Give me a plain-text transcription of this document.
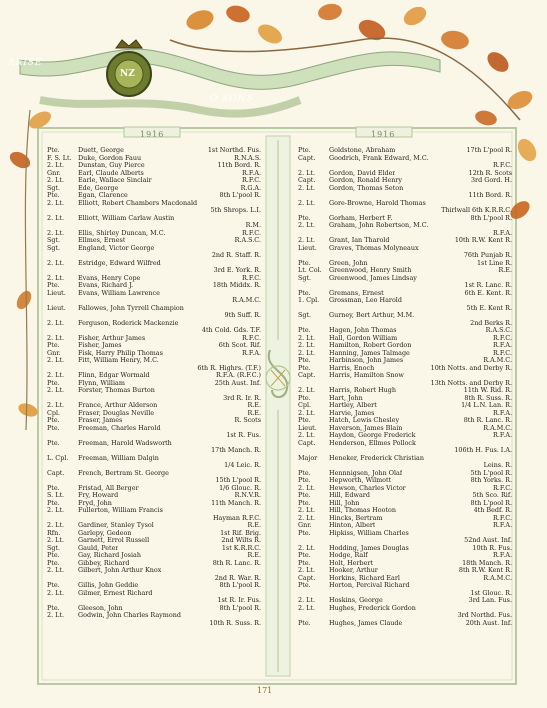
ARISE
O SONS
NZ
1916	1916
Pte.	Duett, George	1st Northd. Fus.
F. S. Lt.	Duke, Gordon Fauu	R.N.A.S.
2. Lt.	Dunstan, Guy Pierce	11th Bord. R.
Gnr.	Earl, Claude Alberts	R.F.A.
2. Lt.	Earle, Wallace Sinclair	R.F.C.
Sgt.	Ede, George	R.G.A.
Pte.	Egan, Clarence	8th L'pool R.
2. Lt.	Elliott, Robert Chambers Macdonald
5th Shrops. L.I.
2. Lt.	Elliott, William Carlaw Austin
R.M.
2. Lt.	Ellis, Shirley Duncan, M.C.	R.F.C.
Sgt.	Ellmes, Ernest	R.A.S.C.
Sgt.	England, Victor George
2nd R. Staff. R.
2. Lt.	Estridge, Edward Wilfred
3rd E. York. R.
2. Lt.	Evans, Henry Cope	R.F.C.
Pte.	Evans, Richard J.	18th Middx. R.
Lieut.	Evans, William Lawrence
R.A.M.C.
Lieut.	Fallowes, John Tyrrell Champion
9th Suff. R.
2. Lt.	Ferguson, Roderick Mackenzie
4th Cold. Gds. T.F.
2. Lt.	Fisher, Arthur James	R.F.C.
Pte.	Fisher, James	6th Scot. Rif.
Gnr.	Fisk, Harry Philip Thomas	R.F.A.
2. Lt.	Fitt, William Henry, M.C.
6th R. Highrs. (T.F.)
2. Lt.	Flinn, Edgar Wormald	R.F.A. (R.F.C.)
Pte.	Flynn, William	25th Aust. Inf.
2. Lt.	Forster, Thomas Burton
3rd R. Ir. R.
2. Lt.	France, Arthur Alderson	R.E.
Cpl.	Fraser, Douglas Neville	R.E.
Pte.	Fraser, James	R. Scots
Pte.	Freeman, Charles Harold
1st R. Fus.
Pte.	Freeman, Harold Wadsworth
17th Manch. R.
L. Cpl.	Freeman, William Dalgin
1/4 Leic. R.
Capt.	French, Bertram St. George
15th L'pool R.
Pte.	Fristad, All Berger	1/6 Glouc. R.
S. Lt.	Fry, Howard	R.N.V.R.
Pte.	Fryd, John	11th Manch. R.
2. Lt.	Fullerton, William Francis
Hayman R.F.C.
2. Lt.	Gardiner, Stanley Tysol	R.E.
Rfn.	Garlepy, Gedeon	1st Rif. Brig.
2. Lt.	Garnett, Errol Russell	2nd Wilts R.
Sgt.	Gauld, Peter	1st K.R.R.C.
Pte.	Gay, Richard Josiah	R.E.
Pte.	Gibbey, Richard	8th R. Lanc. R.
2. Lt.	Gilbert, John Arthur Knox
2nd R. War. R.
Pte.	Gillis, John Geddie	8th L'pool R.
2. Lt.	Gilmer, Ernest Richard
1st R. Ir. Fus.
Pte.	Gleeson, John	8th L'pool R.
2. Lt.	Godwin, John Charles Raymond
10th R. Suss. R.
Pte.	Goldstone, Abraham	17th L'pool R.
Capt.	Goodrich, Frank Edward, M.C.
R.F.C.
2. Lt.	Gordon, David Elder	12th R. Scots
Capt.	Gordon, Ronald Henry	3rd Gord. H.
2. Lt.	Gordon, Thomas Seton
11th Bord. R.
2. Lt.	Gore-Browne, Harold Thomas
Thirlwall 6th K.R.R.C.
Pte.	Gorham, Herbert F.	8th L'pool R.
2. Lt.	Graham, John Robertson, M.C.
R.F.A.
2. Lt.	Grant, Ian Tharold	10th R.W. Kent R.
Lieut.	Graves, Thomas Molyneaux
76th Punjab R.
Pte.	Green, John	1st Line R.
Lt. Col.	Greenwood, Henry Smith	R.E.
Sgt.	Greenwood, James Lindsay
1st R. Lanc. R.
Pte.	Gremans, Ernest	6th E. Kent. R.
1. Cpl.	Grossman, Leo Harold
5th E. Kent R.
Sgt.	Gurney, Bert Arthur, M.M.
2nd Berks R.
Pte.	Hagen, John Thomas	R.A.S.C.
2. Lt.	Hall, Gordon William	R.F.C.
2. Lt.	Hamilton, Robert Gordon	R.F.A.
2. Lt.	Hanning, James Talmage	R.F.C.
Pte.	Harbinson, John James	R.A.M.C.
Pte.	Harris, Enoch	10th Notts. and Derby R.
Capt.	Harris, Hamilton Snow
13th Notts. and Derby R.
2. Lt.	Harris, Robert Hugh	11th W. Rid. R.
Pte.	Hart, John	8th R. Suss. R.
Cpl.	Hartley, Albert	1/4 L.N. Lan. R.
2. Lt.	Harvie, James	R.F.A.
Pte.	Hatch, Lewis Chesley	8th R. Lanc. R.
Lieut.	Haverson, James Blain	R.A.M.C.
2. Lt.	Haydon, George Frederick	R.F.A.
Capt.	Henderson, Ellmes Pollock
106th H. Fus. I.A.
Major	Heneker, Frederick Christian
Leins. R.
Pte.	Hennnigsen, John Olaf	5th L'pool R.
Pte.	Hepworth, Wilmott	8th Yorks. R.
2. Lt.	Hewson, Charles Victor	R.F.C.
Pte.	Hill, Edward	5th Sco. Rif.
Pte.	Hill, John	8th L'pool R.
2. Lt.	Hill, Thomas Hooton	4th Bedf. R.
2. Lt.	Hincks, Bertram	R.F.C.
Gnr.	Hinton, Albert	R.F.A.
Pte.	Hipkiss, William Charles
52nd Aust. Inf.
2. Lt.	Hodding, James Douglas	10th R. Fus.
Pte.	Hodge, Ralf	R.F.A.
Pte.	Holt, Herbert	18th Manch. R.
2. Lt.	Hooker, Arthur	8th R.W. Kent R.
Capt.	Horkins, Richard Earl	R.A.M.C.
Pte.	Horton, Percival Richard
1st Glouc. R.
2. Lt.	Hoskins, George	3rd Lan. Fus.
2. Lt.	Hughes, Frederick Gordon
3rd Northd. Fus.
Pte.	Hughes, James Claude	20th Aust. Inf.
171
